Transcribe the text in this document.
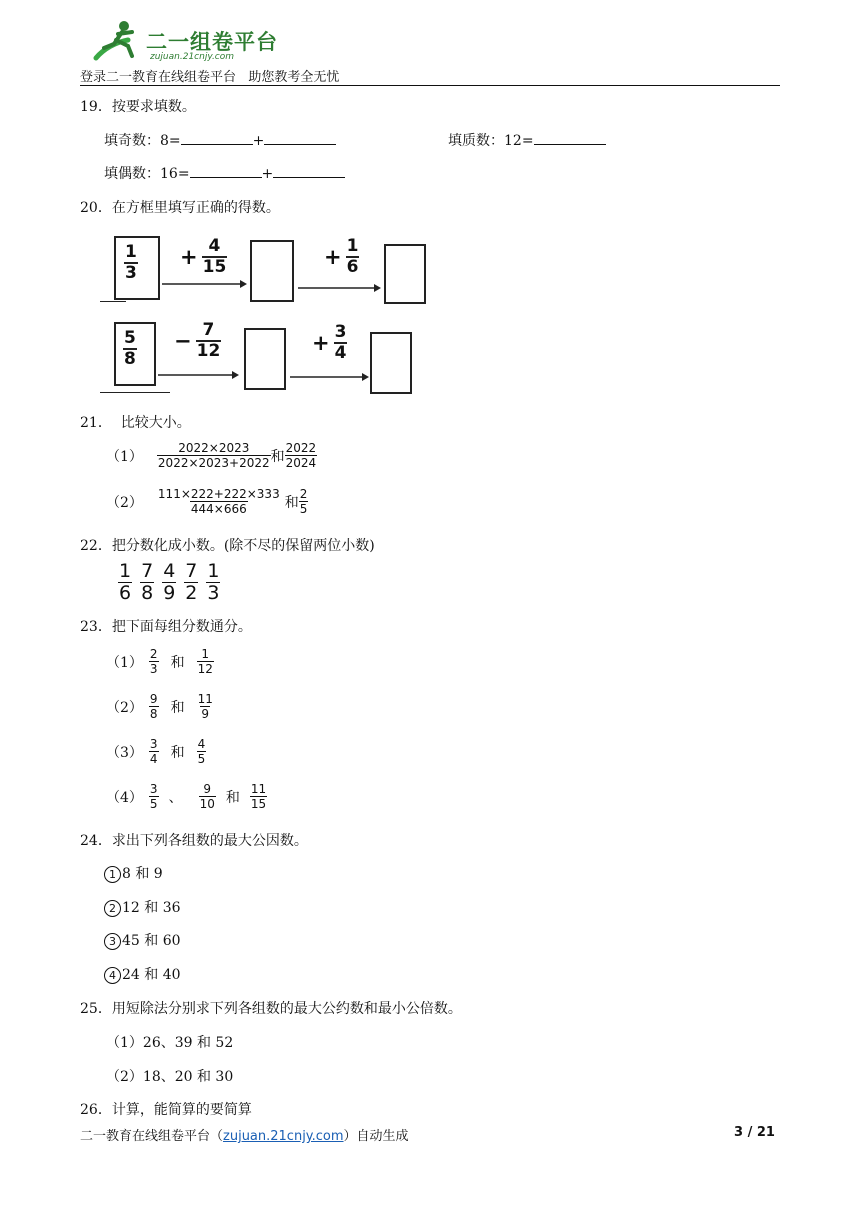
二一组卷平台
zujuan.21cnjy.com
登录二一教育在线组卷平台   助您教考全无忧
19．按要求填数。
填奇数：8=	+	填质数：12=
填偶数：16=	+
20．在方框里填写正确的得数。
$\frac{1}{3} + \frac{4}{15}$	+ $\frac{1}{6}$
$\frac{5}{8} - \frac{7}{12}$	+ $\frac{3}{4}$
21．  比较大小。
$(1) \frac{2022\times 2023}{2022\times 2023+2022}$ 和 $\frac{2022}{2024}$
$(2) \frac{111\times 222+222\times 333}{444\times 666}$ 和 $\frac{2}{5}$
22．把分数化成小数。(除不尽的保留两位小数)
$\frac{1}{6} \frac{7}{8} \frac{4}{9} \frac{7}{2} \frac{1}{3}$
23．把下面每组分数通分。
$(1) \frac{2}{3}$ 和 $\frac{1}{12}$
$(2) \frac{9}{8}$ 和 $\frac{11}{9}$
$(3) \frac{3}{4}$ 和 $\frac{4}{5}$
$(4) \frac{3}{5}$ 、 $\frac{9}{10}$ 和 $\frac{11}{15}$
24．求出下列各组数的最大公因数。
1 8 和 9
2 12 和 36
3 45 和 60
4 24 和 40
25．用短除法分别求下列各组数的最大公约数和最小公倍数。
（1）26、39 和 52
（2）18、20 和 30
26．计算，能简算的要简算
二一教育在线组卷平台（zujuan.21cnjy.com）自动生成	3 / 21
